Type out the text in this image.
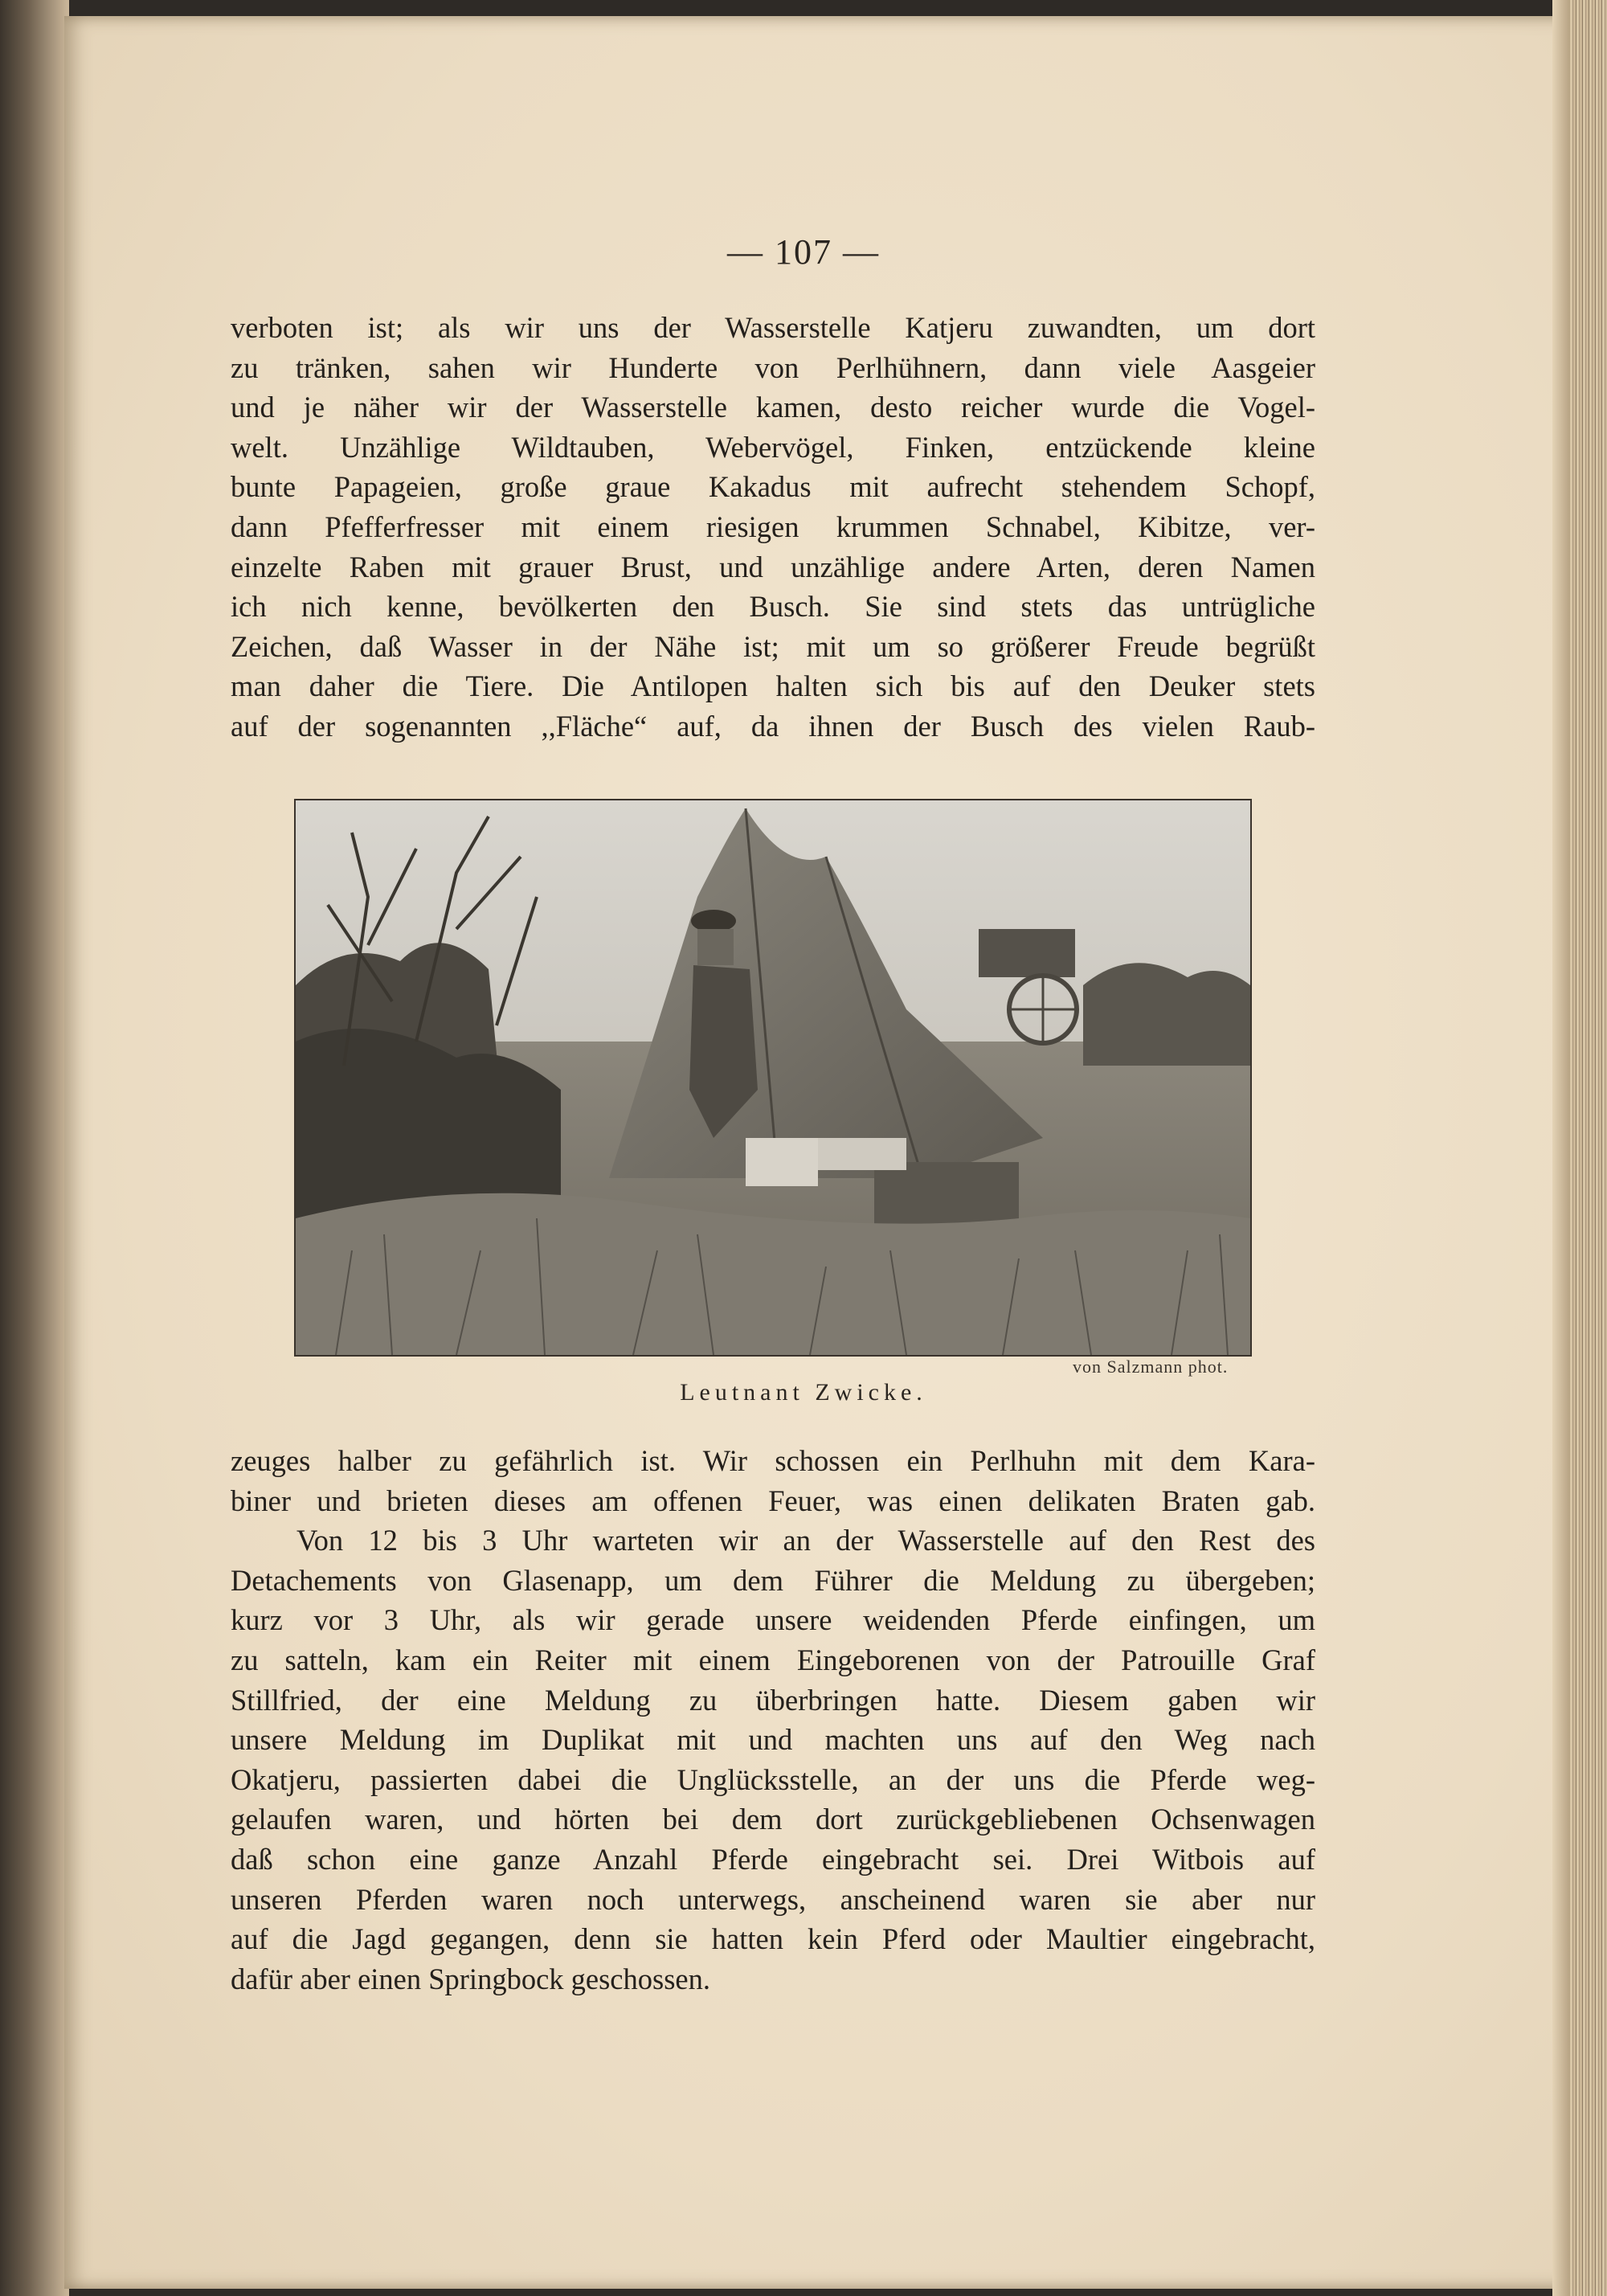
— 107 —

verboten ist; als wir uns der Wasserstelle Katjeru zuwandten, um dort
zu tränken, sahen wir Hunderte von Perlhühnern, dann viele Aasgeier
und je näher wir der Wasserstelle kamen, desto reicher wurde die Vogel-
welt. Unzählige Wildtauben, Webervögel, Finken, entzückende kleine
bunte Papageien, große graue Kakadus mit aufrecht stehendem Schopf,
dann Pfefferfresser mit einem riesigen krummen Schnabel, Kibitze, ver-
einzelte Raben mit grauer Brust, und unzählige andere Arten, deren Namen
ich nich kenne, bevölkerten den Busch. Sie sind stets das untrügliche
Zeichen, daß Wasser in der Nähe ist; mit um so größerer Freude begrüßt
man daher die Tiere. Die Antilopen halten sich bis auf den Deuker stets
auf der sogenannten ,,Fläche“ auf, da ihnen der Busch des vielen Raub-

von Salzmann phot.
Leutnant Zwicke.

zeuges halber zu gefährlich ist. Wir schossen ein Perlhuhn mit dem Kara-
biner und brieten dieses am offenen Feuer, was einen delikaten Braten gab.

Von 12 bis 3 Uhr warteten wir an der Wasserstelle auf den Rest des
Detachements von Glasenapp, um dem Führer die Meldung zu übergeben;
kurz vor 3 Uhr, als wir gerade unsere weidenden Pferde einfingen, um
zu satteln, kam ein Reiter mit einem Eingeborenen von der Patrouille Graf
Stillfried, der eine Meldung zu überbringen hatte. Diesem gaben wir
unsere Meldung im Duplikat mit und machten uns auf den Weg nach
Okatjeru, passierten dabei die Unglücksstelle, an der uns die Pferde weg-
gelaufen waren, und hörten bei dem dort zurückgebliebenen Ochsenwagen
daß schon eine ganze Anzahl Pferde eingebracht sei. Drei Witbois auf
unseren Pferden waren noch unterwegs, anscheinend waren sie aber nur
auf die Jagd gegangen, denn sie hatten kein Pferd oder Maultier eingebracht,
dafür aber einen Springbock geschossen.
